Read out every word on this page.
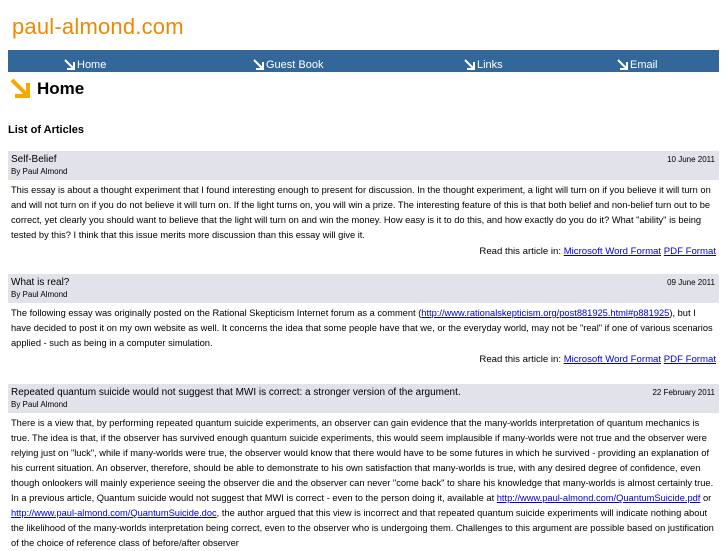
paul-almond.com
Home	Guest Book	Links	Email
Home
List of Articles
Self-Belief
By Paul Almond
10 June 2011

This essay is about a thought experiment that I found interesting enough to present for discussion. In the thought experiment, a light will turn on if you believe it will turn on and will not turn on if you do not believe it will turn on. If the light turns on, you will win a prize. The interesting feature of this is that both belief and non-belief turn out to be correct, yet clearly you should want to believe that the light will turn on and win the money. How easy is it to do this, and how exactly do you do it? What "ability" is being tested by this? I think that this issue merits more discussion than this essay will give it.

Read this article in: Microsoft Word Format PDF Format
What is real?
By Paul Almond
09 June 2011

The following essay was originally posted on the Rational Skepticism Internet forum as a comment (http://www.rationalskepticism.org/post881925.html#p881925), but I have decided to post it on my own website as well. It concerns the idea that some people have that we, or the everyday world, may not be "real" if one of various scenarios applied - such as being in a computer simulation.

Read this article in: Microsoft Word Format PDF Format
Repeated quantum suicide would not suggest that MWI is correct: a stronger version of the argument.
By Paul Almond
22 February 2011

There is a view that, by performing repeated quantum suicide experiments, an observer can gain evidence that the many-worlds interpretation of quantum mechanics is true. The idea is that, if the observer has survived enough quantum suicide experiments, this would seem implausible if many-worlds were not true and the observer were relying just on "luck", while if many-worlds were true, the observer would know that there would have to be some futures in which he survived - providing an explanation of his current situation. An observer, therefore, should be able to demonstrate to his own satisfaction that many-worlds is true, with any desired degree of confidence, even though onlookers will mainly experience seeing the observer die and the observer can never "come back" to share his knowledge that many-worlds is almost certainly true. In a previous article, Quantum suicide would not suggest that MWI is correct - even to the person doing it, available at http://www.paul-almond.com/QuantumSuicide.pdf or http://www.paul-almond.com/QuantumSuicide.doc, the author argued that this view is incorrect and that repeated quantum suicide experiments will indicate nothing about the likelihood of the many-worlds interpretation being correct, even to the observer who is undergoing them. Challenges to this argument are possible based on justification of the choice of reference class of before/after observer
